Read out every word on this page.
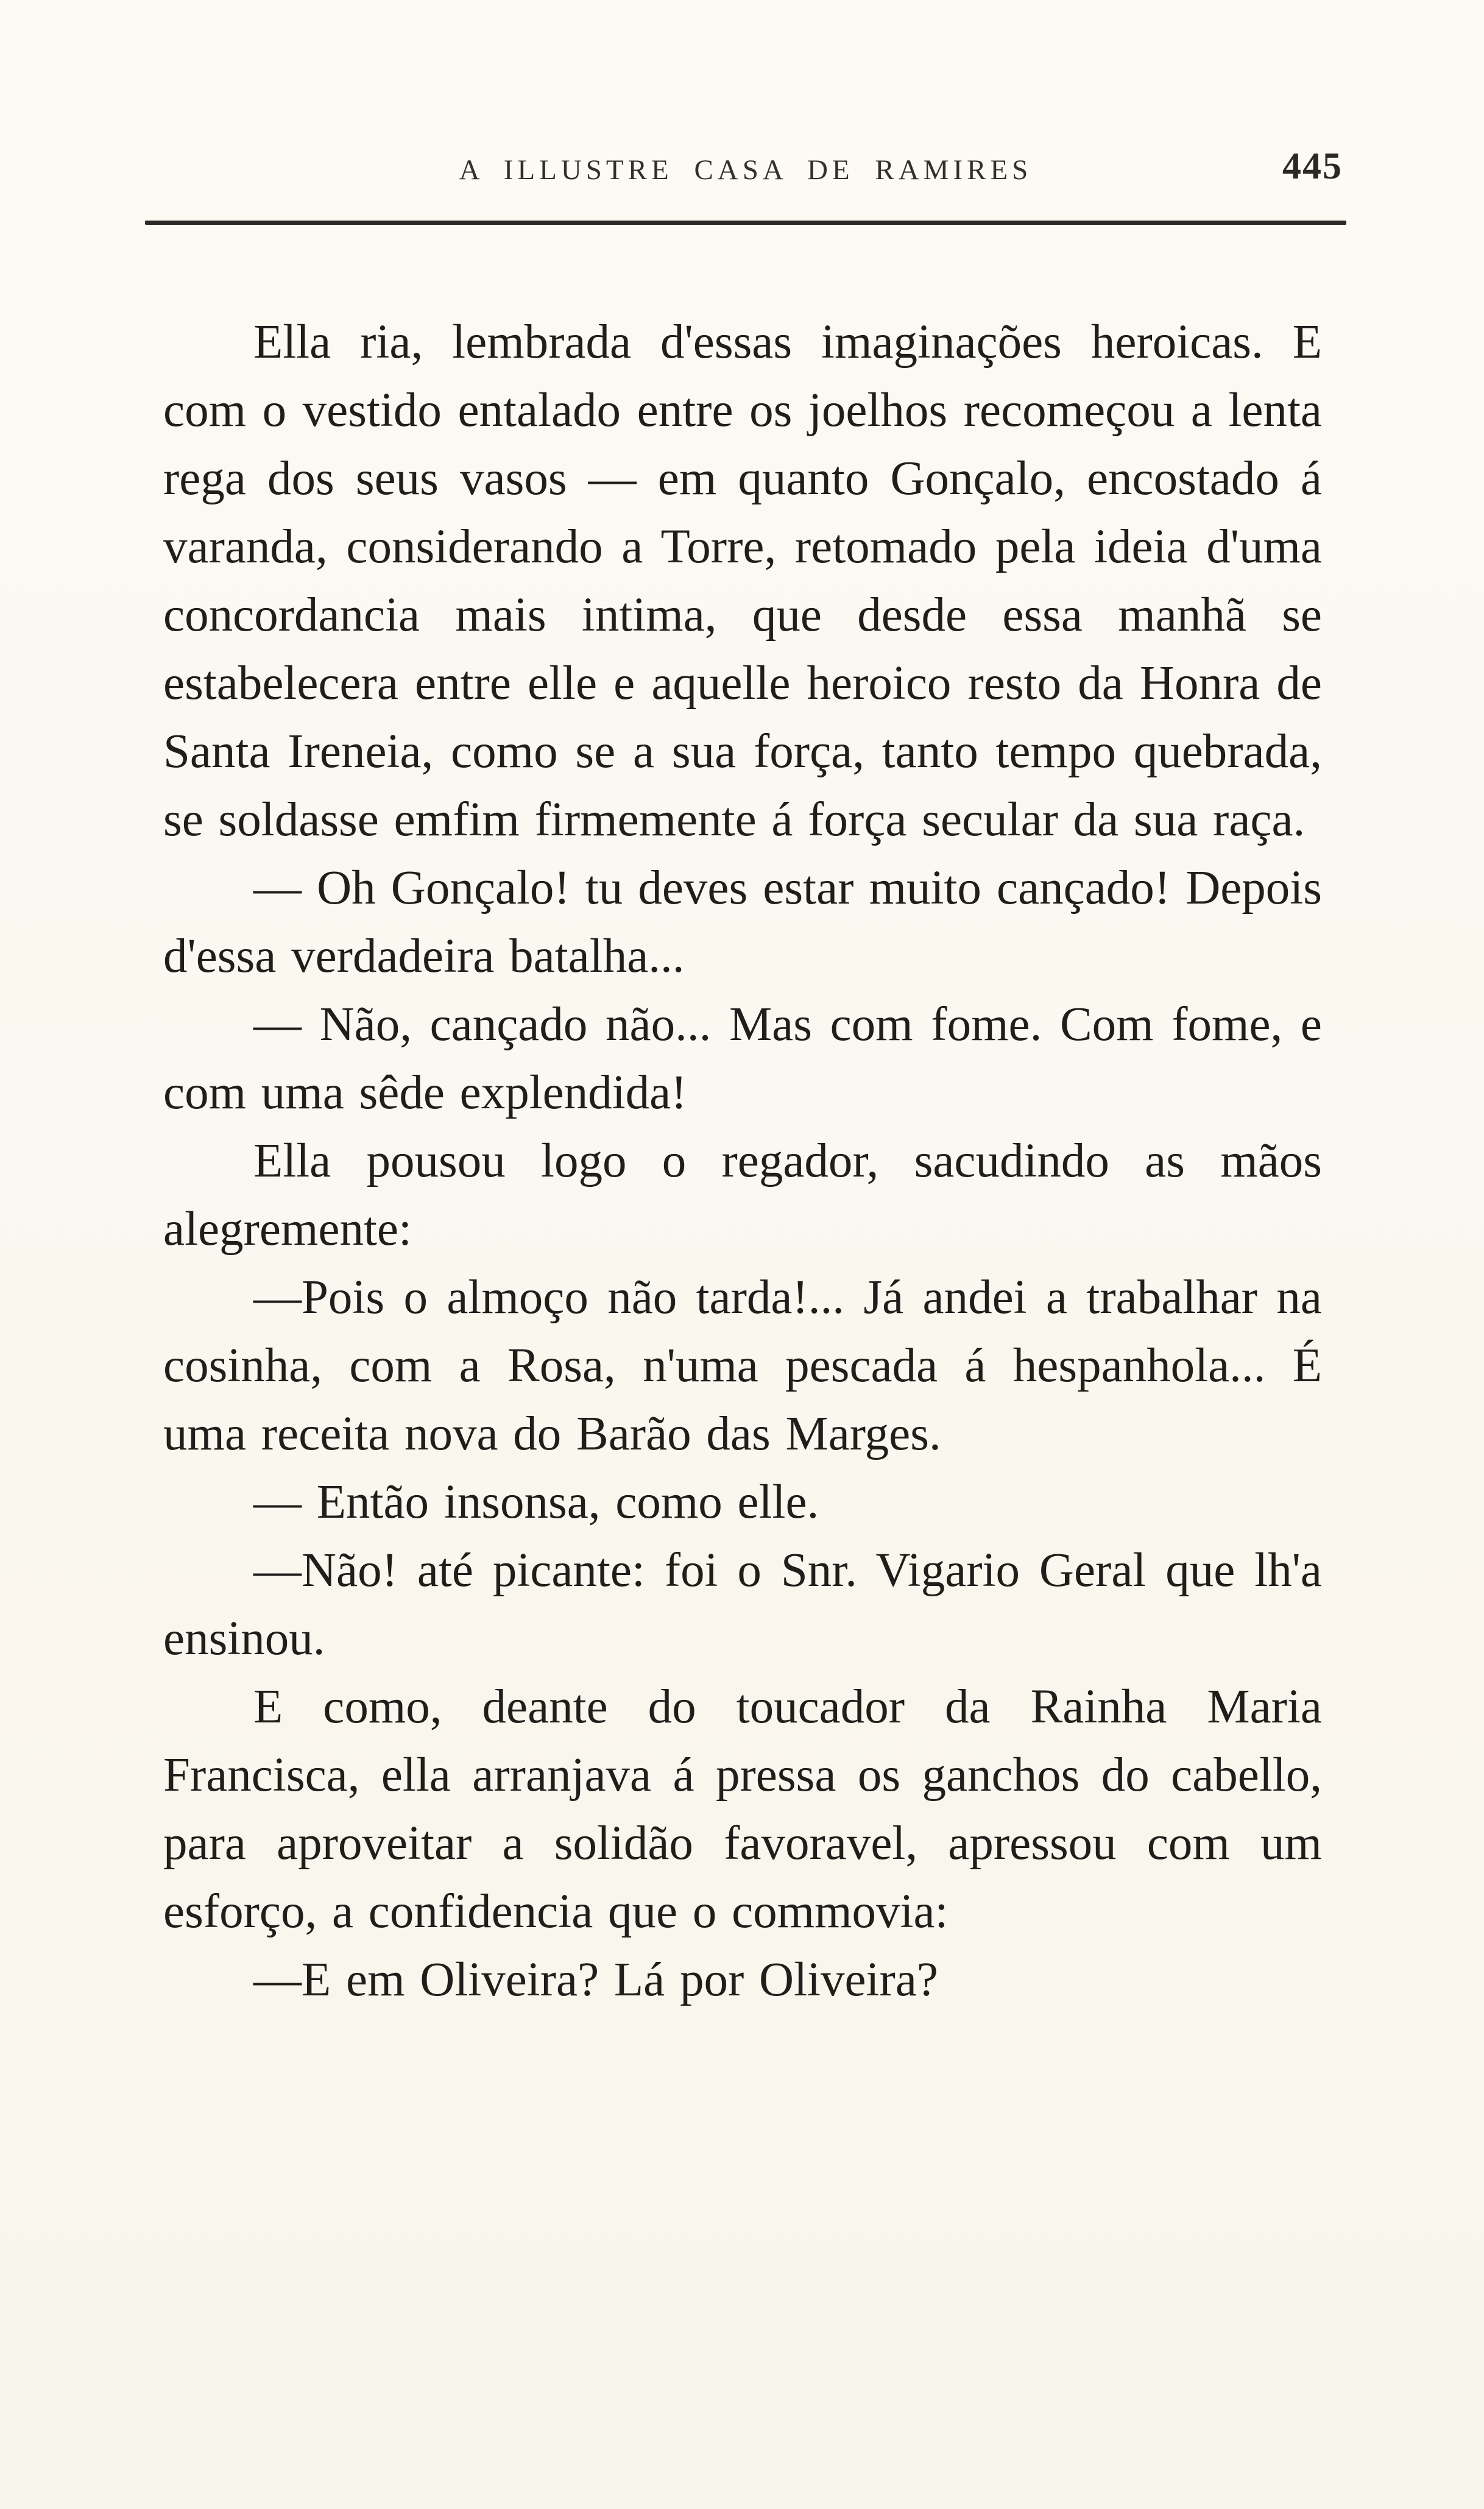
A ILLUSTRE CASA DE RAMIRES	445

Ella ria, lembrada d'essas imaginações heroicas. E com o vestido entalado entre os joelhos recomeçou a lenta rega dos seus vasos — em quanto Gonçalo, encostado á varanda, considerando a Torre, retomado pela ideia d'uma concordancia mais intima, que desde essa manhã se estabelecera entre elle e aquelle heroico resto da Honra de Santa Ireneia, como se a sua força, tanto tempo quebrada, se soldasse emfim firmemente á força secular da sua raça.

— Oh Gonçalo! tu deves estar muito cançado! Depois d'essa verdadeira batalha...

— Não, cançado não... Mas com fome. Com fome, e com uma sêde explendida!

Ella pousou logo o regador, sacudindo as mãos alegremente:

—Pois o almoço não tarda!... Já andei a trabalhar na cosinha, com a Rosa, n'uma pescada á hespanhola... É uma receita nova do Barão das Marges.

— Então insonsa, como elle.

—Não! até picante: foi o Snr. Vigario Geral que lh'a ensinou.

E como, deante do toucador da Rainha Maria Francisca, ella arranjava á pressa os ganchos do cabello, para aproveitar a solidão favoravel, apressou com um esforço, a confidencia que o commovia:

—E em Oliveira? Lá por Oliveira?
